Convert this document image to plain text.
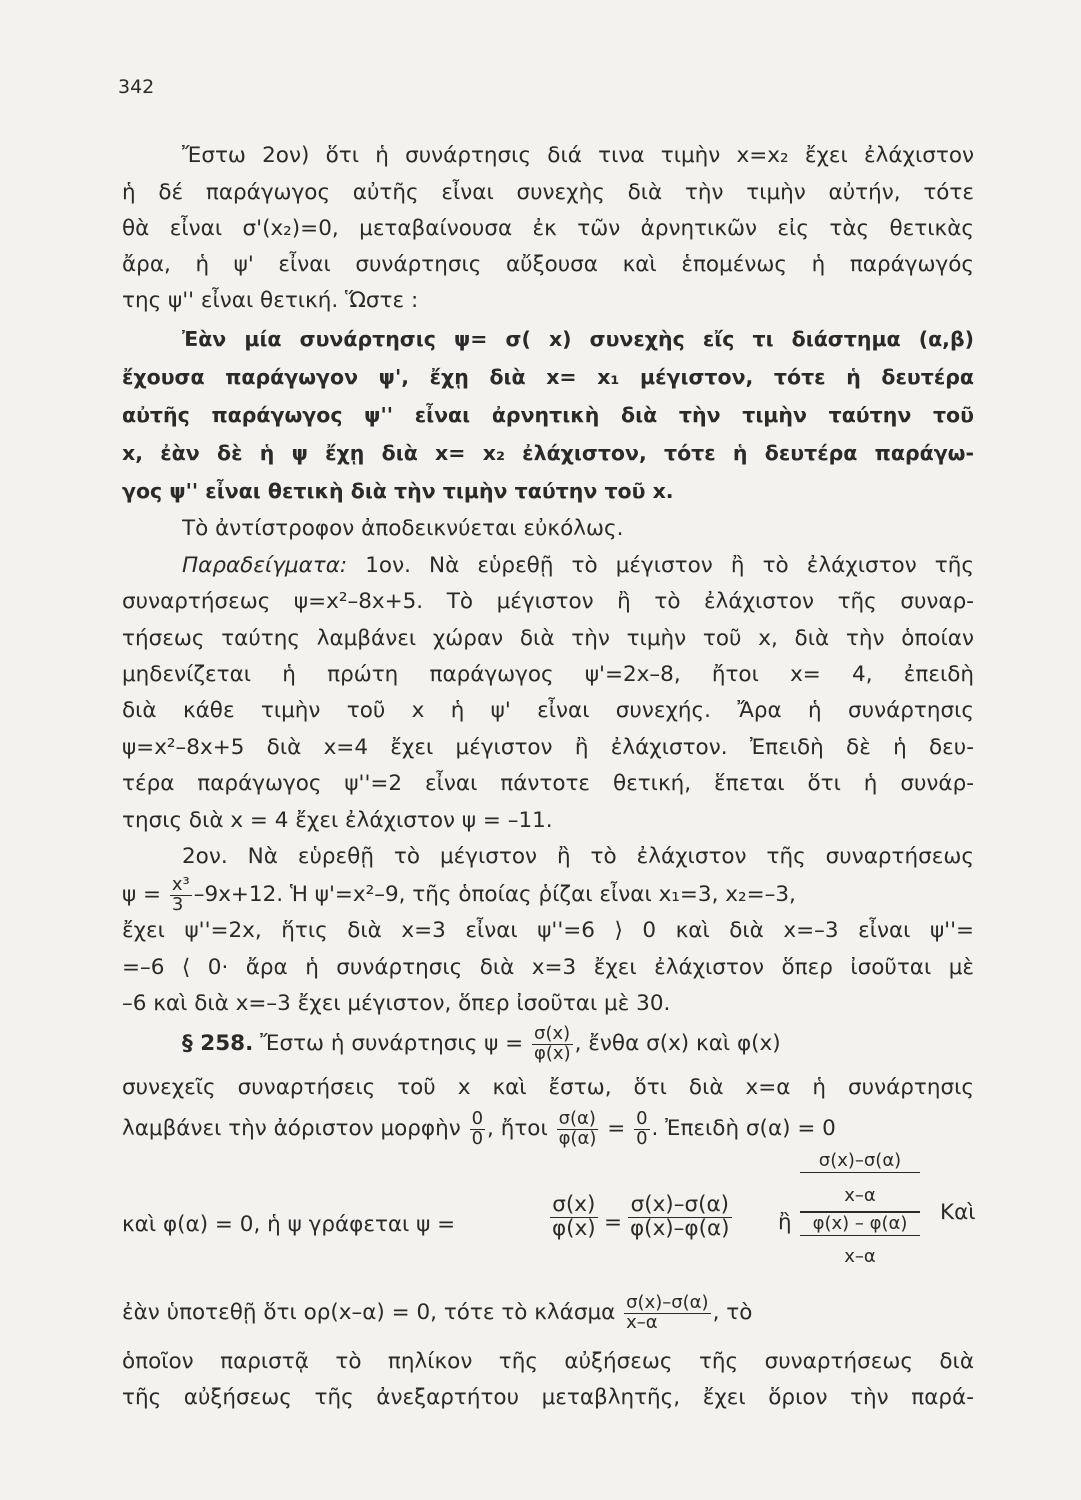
342
Ἔστω 2ον) ὅτι ἡ συνάρτησις διά τινα τιμὴν x=x₂ ἔχει ἐλάχιστον
ἡ δέ παράγωγος αὐτῆς εἶναι συνεχὴς διὰ τὴν τιμὴν αὐτήν, τότε
θὰ εἶναι σ'(x₂)=0, μεταβαίνουσα ἐκ τῶν ἀρνητικῶν εἰς τὰς θετικὰς
ἄρα, ἡ ψ' εἶναι συνάρτησις αὔξουσα καὶ ἑπομένως ἡ παράγωγός
της ψ'' εἶναι θετική. Ὥστε :
Ἐὰν μία συνάρτησις ψ= σ( x) συνεχὴς εἴς τι διάστημα (α,β)
ἔχουσα παράγωγον ψ', ἔχῃ διὰ x= x₁ μέγιστον, τότε ἡ δευτέρα
αὐτῆς παράγωγος ψ'' εἶναι ἀρνητικὴ διὰ τὴν τιμὴν ταύτην τοῦ
x, ἐὰν δὲ ἡ ψ ἔχῃ διὰ x= x₂ ἐλάχιστον, τότε ἡ δευτέρα παράγω-
γος ψ'' εἶναι θετικὴ διὰ τὴν τιμὴν ταύτην τοῦ x.
Τὸ ἀντίστροφον ἀποδεικνύεται εὐκόλως.
Παραδείγματα: 1ον. Νὰ εὑρεθῇ τὸ μέγιστον ἢ τὸ ἐλάχιστον τῆς
συναρτήσεως ψ=x²–8x+5. Τὸ μέγιστον ἢ τὸ ἐλάχιστον τῆς συναρ-
τήσεως ταύτης λαμβάνει χώραν διὰ τὴν τιμὴν τοῦ x, διὰ τὴν ὁποίαν
μηδενίζεται ἡ πρώτη παράγωγος ψ'=2x–8, ἤτοι x= 4, ἐπειδὴ
διὰ κάθε τιμὴν τοῦ x ἡ ψ' εἶναι συνεχής. Ἄρα ἡ συνάρτησις
ψ=x²–8x+5 διὰ x=4 ἔχει μέγιστον ἢ ἐλάχιστον. Ἐπειδὴ δὲ ἡ δευ-
τέρα παράγωγος ψ''=2 εἶναι πάντοτε θετική, ἕπεται ὅτι ἡ συνάρ-
τησις διὰ x = 4 ἔχει ἐλάχιστον ψ = –11.
2ον. Νὰ εὑρεθῇ τὸ μέγιστον ἢ τὸ ἐλάχιστον τῆς συναρτήσεως
$\psi = \frac{\text{x³}}{3} -9x+12$. Ἡ ψ'=x²–9, τῆς ὁποίας ῥίζαι εἶναι x₁=3, x₂=–3,
ἔχει ψ''=2x, ἥτις διὰ x=3 εἶναι ψ''=6 ⟩ 0 καὶ διὰ x=–3 εἶναι ψ''=
=–6 ⟨ 0· ἄρα ἡ συνάρτησις διὰ x=3 ἔχει ἐλάχιστον ὅπερ ἰσοῦται μὲ
–6 καὶ διὰ x=–3 ἔχει μέγιστον, ὅπερ ἰσοῦται μὲ 30.
§ 258. Ἔστω ἡ συνάρτησις $\psi = \frac{\sigma(x)}{\varphi(x)}$ , ἔνθα σ(x) καὶ φ(x)
συνεχεῖς συναρτήσεις τοῦ x καὶ ἔστω, ὅτι διὰ x=α ἡ συνάρτησις
λαμβάνει τὴν ἀόριστον μορφὴν $\frac{0}{0}$ , ἤτοι $\frac{\sigma(\alpha)}{\varphi(\alpha)} = \frac{0}{0}$ . Ἐπειδὴ σ(α) = 0
καὶ φ(α) = 0, ἡ ψ γράφεται ψ =	$\frac{\sigma(x)}{\varphi(x)} = \frac{\sigma(x)-\sigma(\alpha)}{\varphi(x)-\varphi(\alpha)}$ ἢ
σ(x)–σ(α)
x–α
φ(x) – φ(α)
x–α
Καὶ
ἐὰν ὑποτεθῇ ὅτι ορ(x–α) = 0, τότε τὸ κλάσμα $\frac{\sigma(x)-\sigma(\alpha)}{x-\alpha}$ , τὸ
ὁποῖον παριστᾷ τὸ πηλίκον τῆς αὐξήσεως τῆς συναρτήσεως διὰ
τῆς αὐξήσεως τῆς ἀνεξαρτήτου μεταβλητῆς, ἔχει ὅριον τὴν παρά-
